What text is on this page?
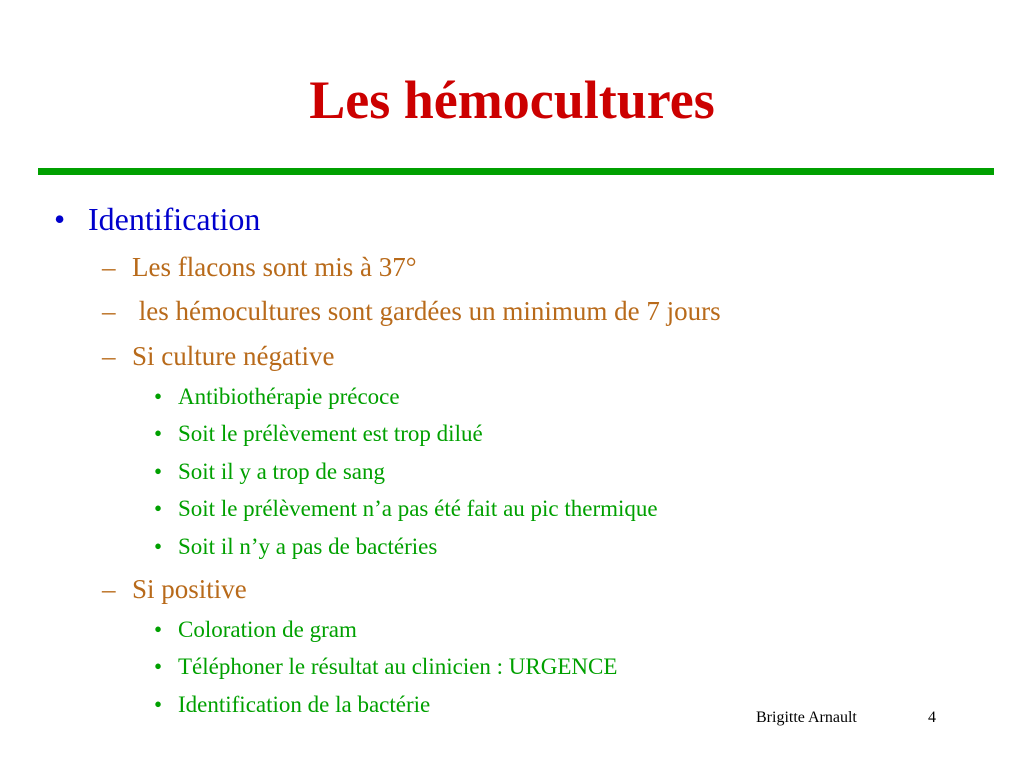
Les hémocultures
• Identification
– Les flacons sont mis à 37°
– les hémocultures sont gardées un minimum de 7 jours
– Si culture négative
• Antibiothérapie précoce
• Soit le prélèvement est trop dilué
• Soit il y a trop de sang
• Soit le prélèvement n’a pas été fait au pic thermique
• Soit il n’y a pas de bactéries
– Si positive
• Coloration de gram
• Téléphoner le résultat au clinicien : URGENCE
• Identification de la bactérie
Brigitte Arnault	4
